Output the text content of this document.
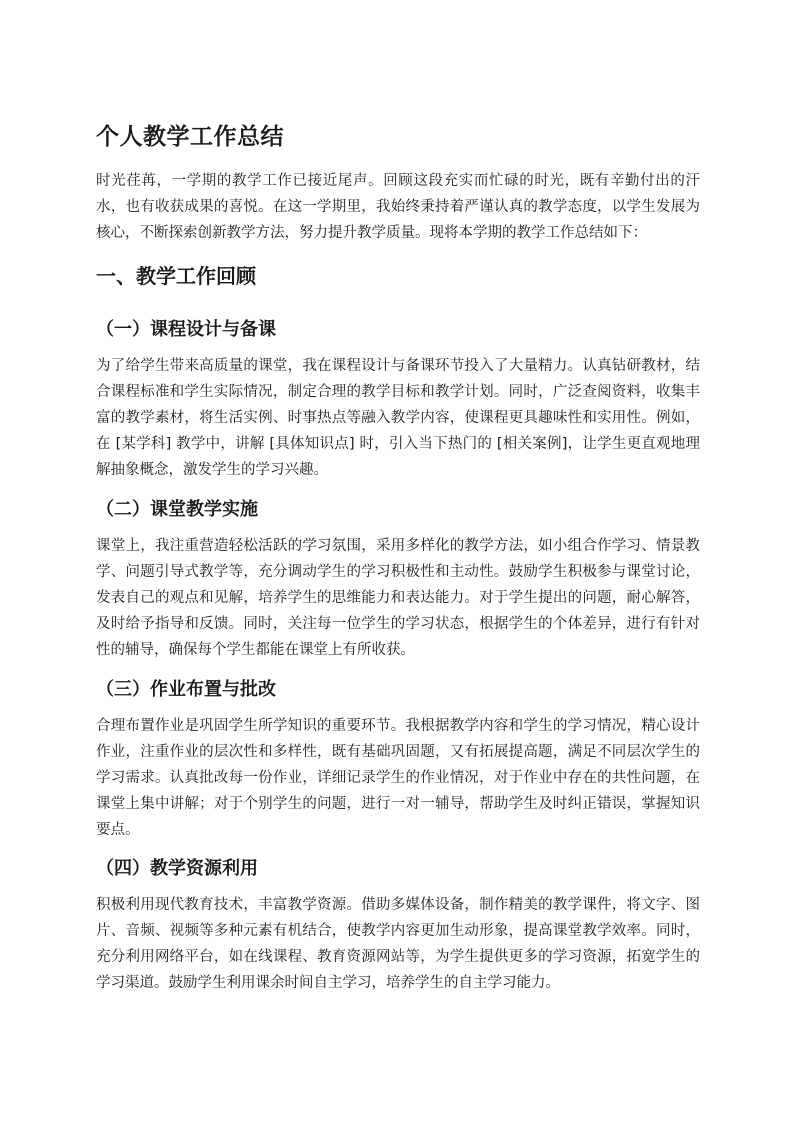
个人教学工作总结

时光荏苒，一学期的教学工作已接近尾声。回顾这段充实而忙碌的时光，既有辛勤付出的汗水，也有收获成果的喜悦。在这一学期里，我始终秉持着严谨认真的教学态度，以学生发展为核心，不断探索创新教学方法，努力提升教学质量。现将本学期的教学工作总结如下：

一、教学工作回顾
（一）课程设计与备课

为了给学生带来高质量的课堂，我在课程设计与备课环节投入了大量精力。认真钻研教材，结合课程标准和学生实际情况，制定合理的教学目标和教学计划。同时，广泛查阅资料，收集丰富的教学素材，将生活实例、时事热点等融入教学内容，使课程更具趣味性和实用性。例如，在 [某学科] 教学中，讲解 [具体知识点] 时，引入当下热门的 [相关案例]，让学生更直观地理解抽象概念，激发学生的学习兴趣。

（二）课堂教学实施

课堂上，我注重营造轻松活跃的学习氛围，采用多样化的教学方法，如小组合作学习、情景教学、问题引导式教学等，充分调动学生的学习积极性和主动性。鼓励学生积极参与课堂讨论，发表自己的观点和见解，培养学生的思维能力和表达能力。对于学生提出的问题，耐心解答，及时给予指导和反馈。同时，关注每一位学生的学习状态，根据学生的个体差异，进行有针对性的辅导，确保每个学生都能在课堂上有所收获。

（三）作业布置与批改

合理布置作业是巩固学生所学知识的重要环节。我根据教学内容和学生的学习情况，精心设计作业，注重作业的层次性和多样性，既有基础巩固题，又有拓展提高题，满足不同层次学生的学习需求。认真批改每一份作业，详细记录学生的作业情况，对于作业中存在的共性问题，在课堂上集中讲解；对于个别学生的问题，进行一对一辅导，帮助学生及时纠正错误，掌握知识要点。

（四）教学资源利用

积极利用现代教育技术，丰富教学资源。借助多媒体设备，制作精美的教学课件，将文字、图片、音频、视频等多种元素有机结合，使教学内容更加生动形象，提高课堂教学效率。同时，充分利用网络平台，如在线课程、教育资源网站等，为学生提供更多的学习资源，拓宽学生的学习渠道。鼓励学生利用课余时间自主学习，培养学生的自主学习能力。
